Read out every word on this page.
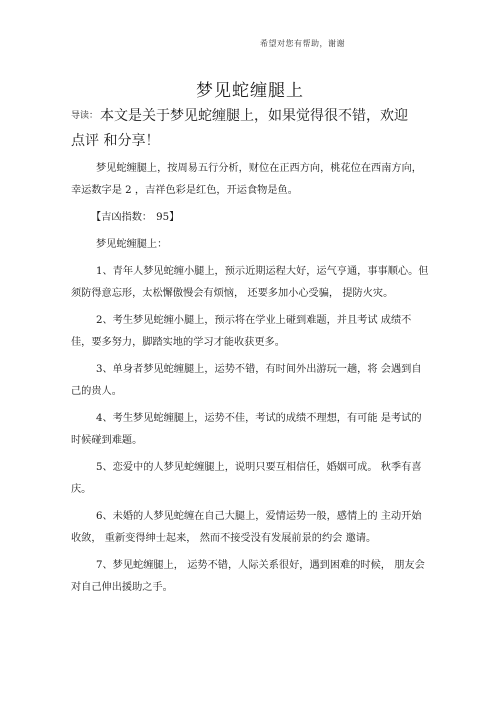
希望对您有帮助，谢谢
梦见蛇缠腿上
导读： 本文是关于梦见蛇缠腿上，如果觉得很不错，欢迎点评 和分享！

梦见蛇缠腿上，按周易五行分析，财位在正西方向，桃花位在西南方向，幸运数字是 2 ，吉祥色彩是红色，开运食物是鱼。

【吉凶指数： 95】

梦见蛇缠腿上：

1、青年人梦见蛇缠小腿上，预示近期运程大好，运气亨通，事事顺心。但须防得意忘形，太松懈傲慢会有烦恼， 还要多加小心受骗， 提防火灾。

2、考生梦见蛇缠小腿上，预示将在学业上碰到难题，并且考试 成绩不佳，要多努力，脚踏实地的学习才能收获更多。

3、单身者梦见蛇缠腿上，运势不错，有时间外出游玩一趟，将 会遇到自己的贵人。

4、考生梦见蛇缠腿上，运势不佳，考试的成绩不理想，有可能 是考试的时候碰到难题。

5、恋爱中的人梦见蛇缠腿上，说明只要互相信任，婚姻可成。 秋季有喜庆。

6、未婚的人梦见蛇缠在自己大腿上，爱情运势一般，感情上的 主动开始收敛， 重新变得绅士起来， 然而不接受没有发展前景的约会 邀请。

7、梦见蛇缠腿上， 运势不错，人际关系很好，遇到困难的时候， 朋友会对自己伸出援助之手。
